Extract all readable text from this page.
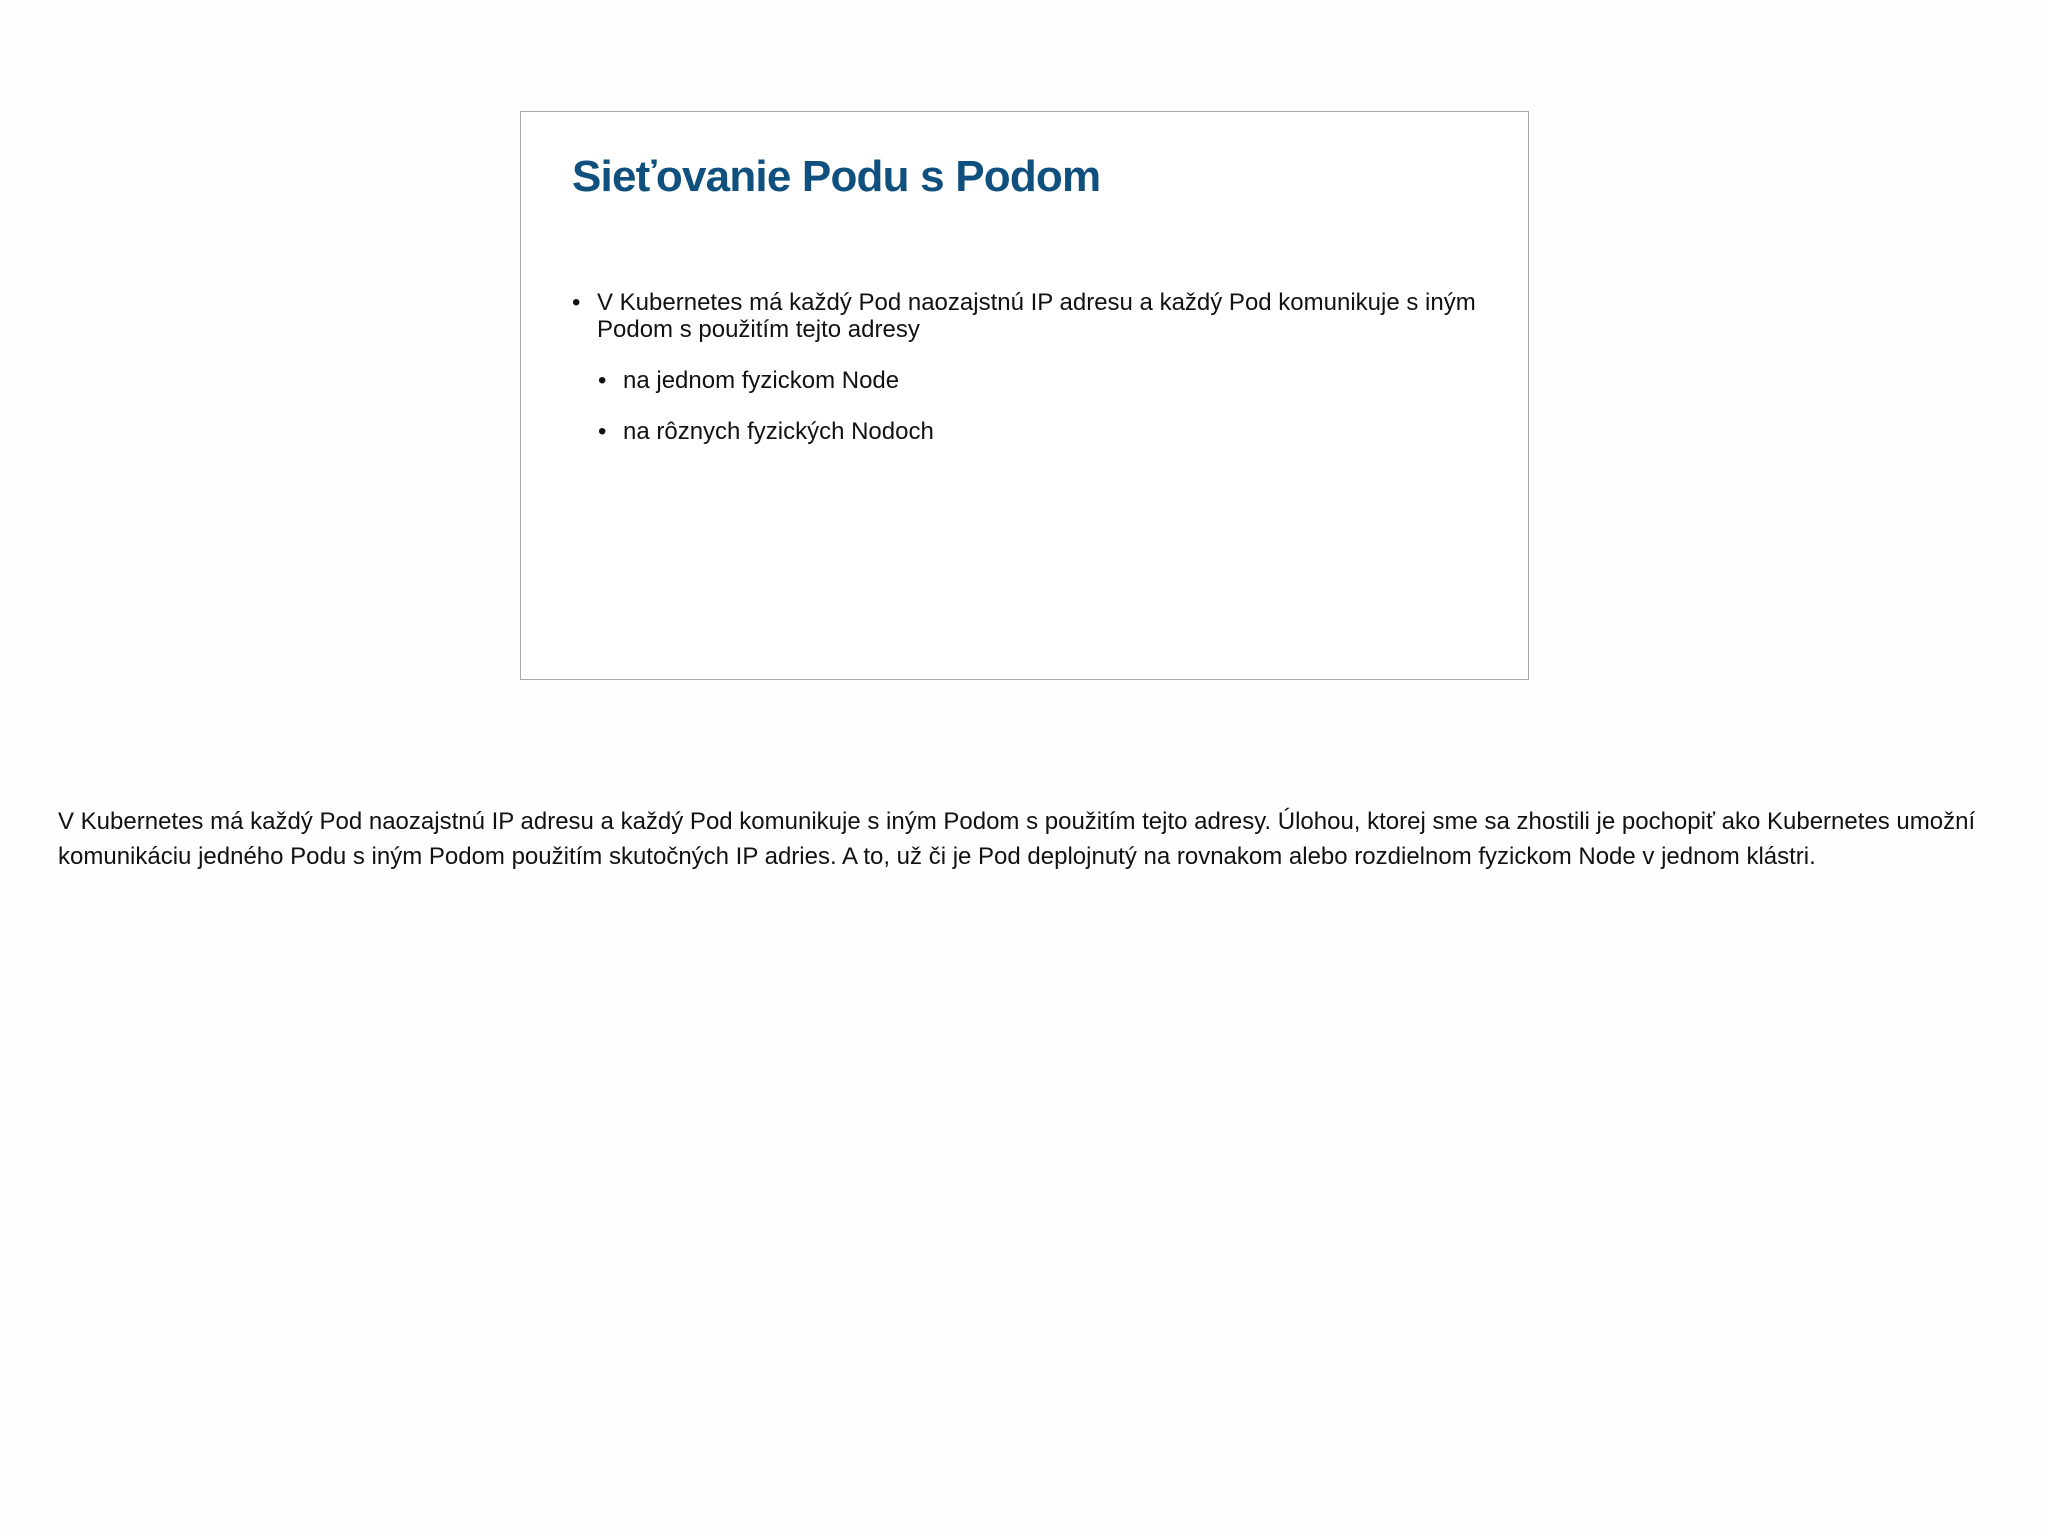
Sieťovanie Podu s Podom
• V Kubernetes má každý Pod naozajstnú IP adresu a každý Pod komunikuje s iným Podom s použitím tejto adresy
• na jednom fyzickom Node
• na rôznych fyzických Nodoch

V Kubernetes má každý Pod naozajstnú IP adresu a každý Pod komunikuje s iným Podom s použitím tejto adresy. Úlohou, ktorej sme sa zhostili je pochopiť ako Kubernetes umožní komunikáciu jedného Podu s iným Podom použitím skutočných IP adries. A to, už či je Pod deplojnutý na rovnakom alebo rozdielnom fyzickom Node v jednom klástri.
